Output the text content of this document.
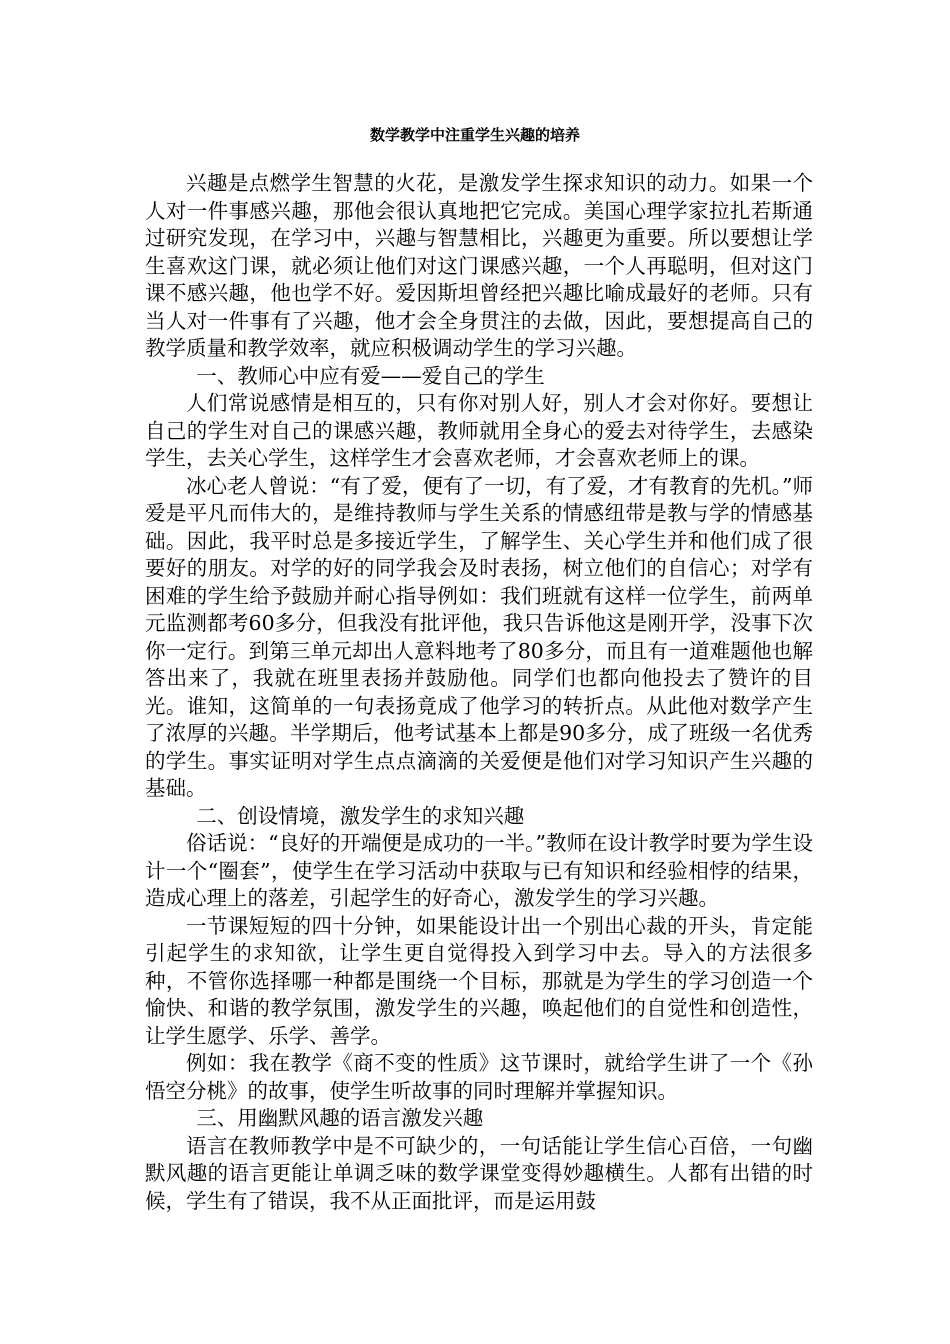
数学教学中注重学生兴趣的培养

兴趣是点燃学生智慧的火花，是激发学生探求知识的动力。如果一个人对一件事感兴趣，那他会很认真地把它完成。美国心理学家拉扎若斯通过研究发现，在学习中，兴趣与智慧相比，兴趣更为重要。所以要想让学生喜欢这门课，就必须让他们对这门课感兴趣，一个人再聪明，但对这门课不感兴趣，他也学不好。爱因斯坦曾经把兴趣比喻成最好的老师。只有当人对一件事有了兴趣，他才会全身贯注的去做，因此，要想提高自己的教学质量和教学效率，就应积极调动学生的学习兴趣。

一、教师心中应有爱——爱自己的学生

人们常说感情是相互的，只有你对别人好，别人才会对你好。要想让自己的学生对自己的课感兴趣，教师就用全身心的爱去对待学生，去感染学生，去关心学生，这样学生才会喜欢老师，才会喜欢老师上的课。

冰心老人曾说：“有了爱，便有了一切，有了爱，才有教育的先机。”师爱是平凡而伟大的，是维持教师与学生关系的情感纽带是教与学的情感基础。因此，我平时总是多接近学生，了解学生、关心学生并和他们成了很要好的朋友。对学的好的同学我会及时表扬，树立他们的自信心；对学有困难的学生给予鼓励并耐心指导例如：我们班就有这样一位学生，前两单元监测都考60多分，但我没有批评他，我只告诉他这是刚开学，没事下次你一定行。到第三单元却出人意料地考了80多分，而且有一道难题他也解答出来了，我就在班里表扬并鼓励他。同学们也都向他投去了赞许的目光。谁知，这简单的一句表扬竟成了他学习的转折点。从此他对数学产生了浓厚的兴趣。半学期后，他考试基本上都是90多分，成了班级一名优秀的学生。事实证明对学生点点滴滴的关爱便是他们对学习知识产生兴趣的基础。

二、创设情境，激发学生的求知兴趣

俗话说：“良好的开端便是成功的一半。”教师在设计教学时要为学生设计一个“圈套”，使学生在学习活动中获取与已有知识和经验相悖的结果，造成心理上的落差，引起学生的好奇心，激发学生的学习兴趣。

一节课短短的四十分钟，如果能设计出一个别出心裁的开头，肯定能引起学生的求知欲，让学生更自觉得投入到学习中去。导入的方法很多种，不管你选择哪一种都是围绕一个目标，那就是为学生的学习创造一个愉快、和谐的教学氛围，激发学生的兴趣，唤起他们的自觉性和创造性，让学生愿学、乐学、善学。

例如：我在教学《商不变的性质》这节课时，就给学生讲了一个《孙悟空分桃》的故事，使学生听故事的同时理解并掌握知识。

三、用幽默风趣的语言激发兴趣

语言在教师教学中是不可缺少的，一句话能让学生信心百倍，一句幽默风趣的语言更能让单调乏味的数学课堂变得妙趣横生。人都有出错的时候，学生有了错误，我不从正面批评，而是运用鼓
